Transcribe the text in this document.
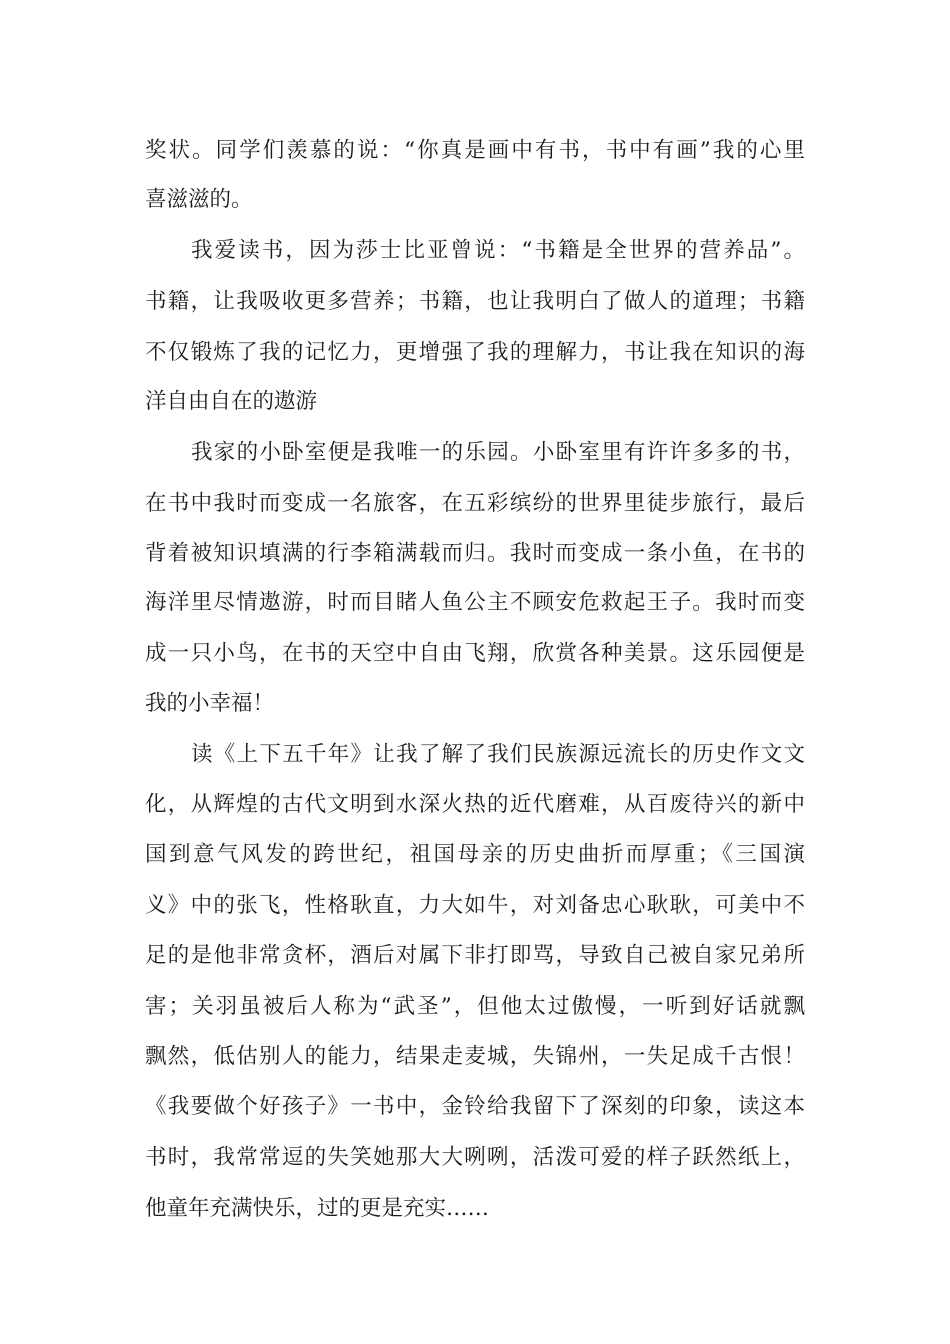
奖状。同学们羡慕的说：“你真是画中有书，书中有画”我的心里
喜滋滋的。
我爱读书，因为莎士比亚曾说：“书籍是全世界的营养品”。
书籍，让我吸收更多营养；书籍，也让我明白了做人的道理；书籍
不仅锻炼了我的记忆力，更增强了我的理解力，书让我在知识的海
洋自由自在的遨游
我家的小卧室便是我唯一的乐园。小卧室里有许许多多的书，
在书中我时而变成一名旅客，在五彩缤纷的世界里徒步旅行，最后
背着被知识填满的行李箱满载而归。我时而变成一条小鱼，在书的
海洋里尽情遨游，时而目睹人鱼公主不顾安危救起王子。我时而变
成一只小鸟，在书的天空中自由飞翔，欣赏各种美景。这乐园便是
我的小幸福！
读《上下五千年》让我了解了我们民族源远流长的历史作文文
化，从辉煌的古代文明到水深火热的近代磨难，从百废待兴的新中
国到意气风发的跨世纪，祖国母亲的历史曲折而厚重；《三国演
义》中的张飞，性格耿直，力大如牛，对刘备忠心耿耿，可美中不
足的是他非常贪杯，酒后对属下非打即骂，导致自己被自家兄弟所
害；关羽虽被后人称为“武圣”，但他太过傲慢，一听到好话就飘
飘然，低估别人的能力，结果走麦城，失锦州，一失足成千古恨！
《我要做个好孩子》一书中，金铃给我留下了深刻的印象，读这本
书时，我常常逗的失笑她那大大咧咧，活泼可爱的样子跃然纸上，
他童年充满快乐，过的更是充实……
